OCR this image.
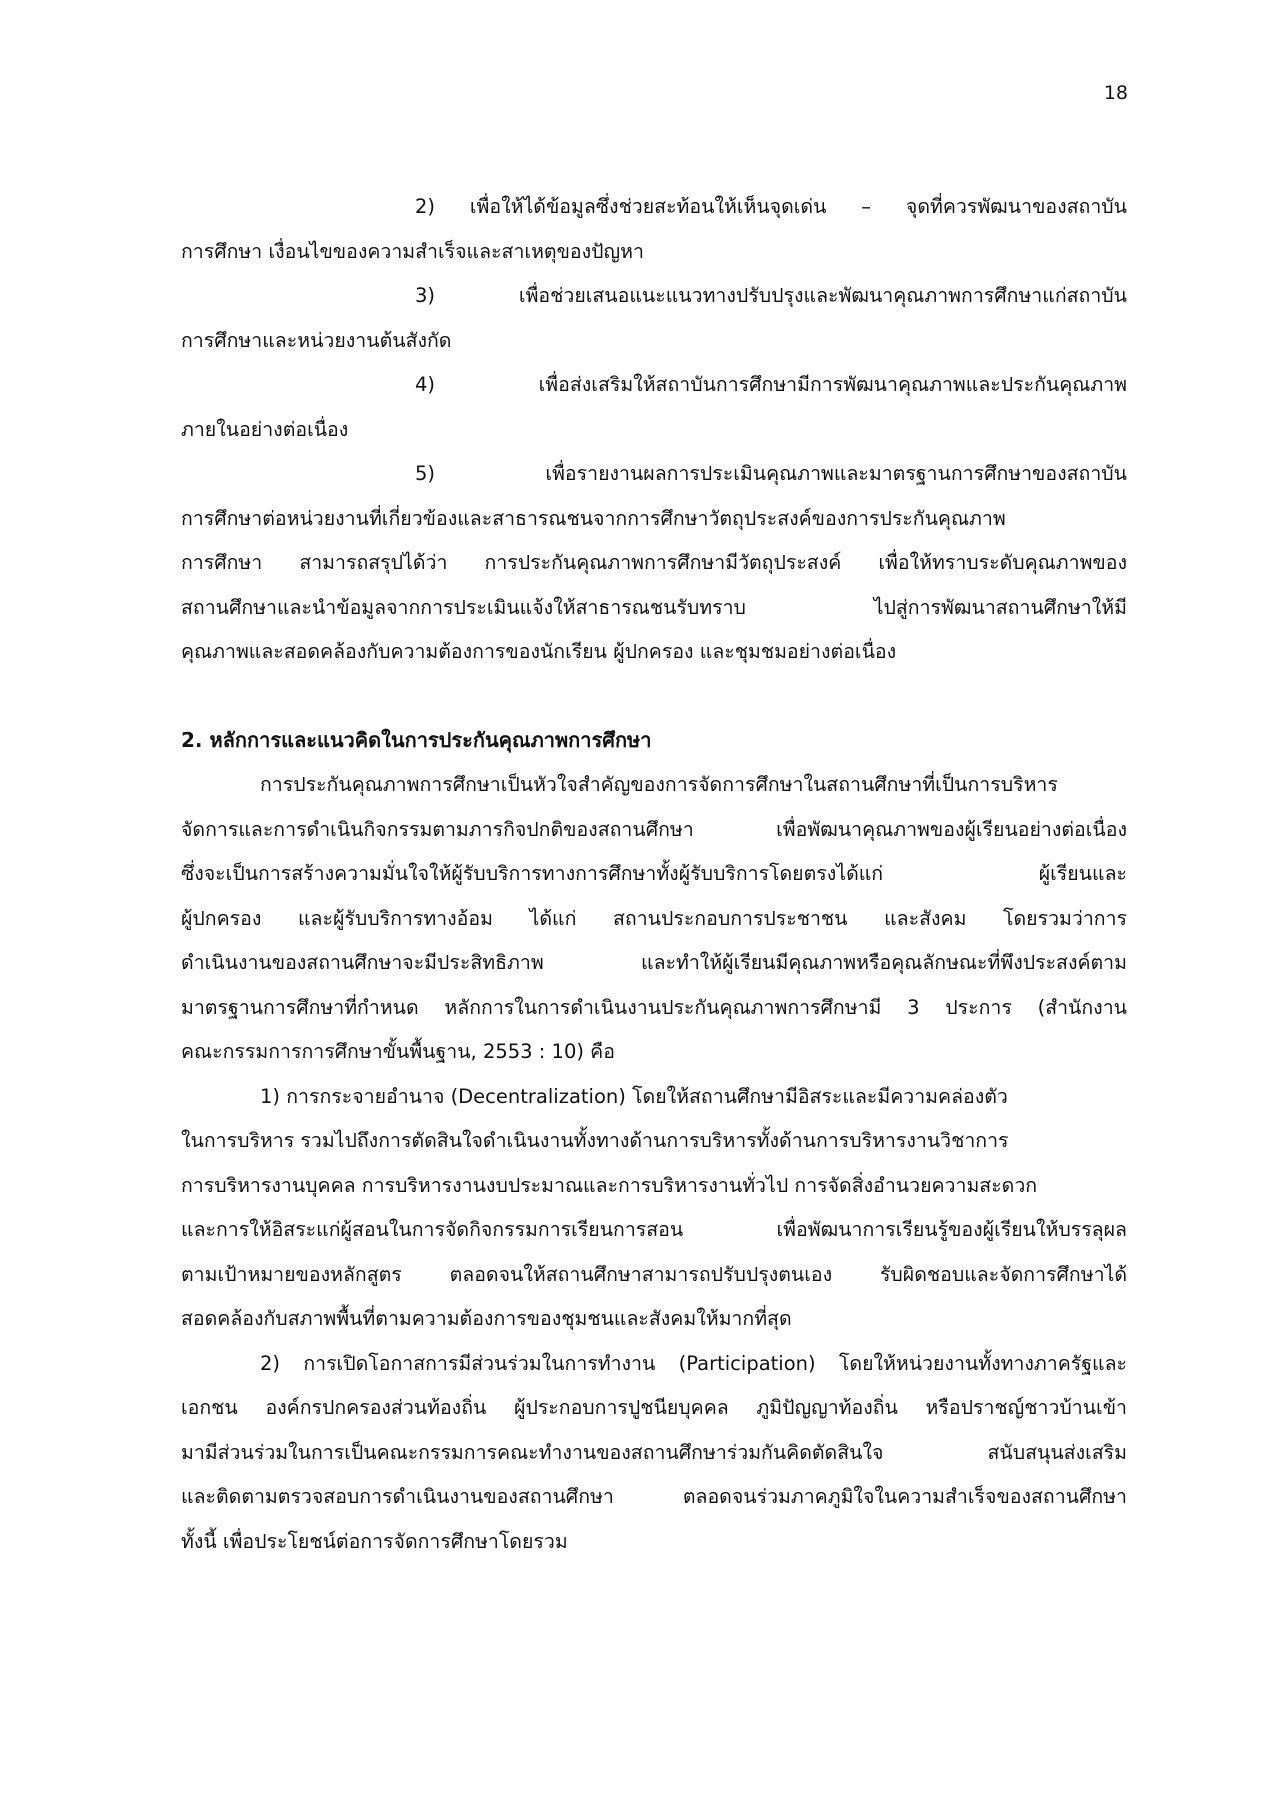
18
2) เพื่อให้ได้ข้อมูลซึ่งช่วยสะท้อนให้เห็นจุดเด่น – จุดที่ควรพัฒนาของสถาบัน
การศึกษา เงื่อนไขของความสำเร็จและสาเหตุของปัญหา
3) เพื่อช่วยเสนอแนะแนวทางปรับปรุงและพัฒนาคุณภาพการศึกษาแก่สถาบัน
การศึกษาและหน่วยงานต้นสังกัด
4) เพื่อส่งเสริมให้สถาบันการศึกษามีการพัฒนาคุณภาพและประกันคุณภาพ
ภายในอย่างต่อเนื่อง
5) เพื่อรายงานผลการประเมินคุณภาพและมาตรฐานการศึกษาของสถาบัน
การศึกษาต่อหน่วยงานที่เกี่ยวข้องและสาธารณชนจากการศึกษาวัตถุประสงค์ของการประกันคุณภาพ
การศึกษา สามารถสรุปได้ว่า การประกันคุณภาพการศึกษามีวัตถุประสงค์ เพื่อให้ทราบระดับคุณภาพของ
สถานศึกษาและนำข้อมูลจากการประเมินแจ้งให้สาธารณชนรับทราบ ไปสู่การพัฒนาสถานศึกษาให้มี
คุณภาพและสอดคล้องกับความต้องการของนักเรียน ผู้ปกครอง และชุมชมอย่างต่อเนื่อง
2. หลักการและแนวคิดในการประกันคุณภาพการศึกษา
การประกันคุณภาพการศึกษาเป็นหัวใจสำคัญของการจัดการศึกษาในสถานศึกษาที่เป็นการบริหาร
จัดการและการดำเนินกิจกรรมตามภารกิจปกติของสถานศึกษา เพื่อพัฒนาคุณภาพของผู้เรียนอย่างต่อเนื่อง
ซึ่งจะเป็นการสร้างความมั่นใจให้ผู้รับบริการทางการศึกษาทั้งผู้รับบริการโดยตรงได้แก่ ผู้เรียนและ
ผู้ปกครอง และผู้รับบริการทางอ้อม ได้แก่ สถานประกอบการประชาชน และสังคม โดยรวมว่าการ
ดำเนินงานของสถานศึกษาจะมีประสิทธิภาพ และทำให้ผู้เรียนมีคุณภาพหรือคุณลักษณะที่พึงประสงค์ตาม
มาตรฐานการศึกษาที่กำหนด หลักการในการดำเนินงานประกันคุณภาพการศึกษามี 3 ประการ (สำนักงาน
คณะกรรมการการศึกษาขั้นพื้นฐาน, 2553 : 10) คือ
1) การกระจายอำนาจ (Decentralization) โดยให้สถานศึกษามีอิสระและมีความคล่องตัว
ในการบริหาร รวมไปถึงการตัดสินใจดำเนินงานทั้งทางด้านการบริหารทั้งด้านการบริหารงานวิชาการ
การบริหารงานบุคคล การบริหารงานงบประมาณและการบริหารงานทั่วไป การจัดสิ่งอำนวยความสะดวก
และการให้อิสระแก่ผู้สอนในการจัดกิจกรรมการเรียนการสอน เพื่อพัฒนาการเรียนรู้ของผู้เรียนให้บรรลุผล
ตามเป้าหมายของหลักสูตร ตลอดจนให้สถานศึกษาสามารถปรับปรุงตนเอง รับผิดชอบและจัดการศึกษาได้
สอดคล้องกับสภาพพื้นที่ตามความต้องการของชุมชนและสังคมให้มากที่สุด
2) การเปิดโอกาสการมีส่วนร่วมในการทำงาน (Participation) โดยให้หน่วยงานทั้งทางภาครัฐและ
เอกชน องค์กรปกครองส่วนท้องถิ่น ผู้ประกอบการปูชนียบุคคล ภูมิปัญญาท้องถิ่น หรือปราชญ์ชาวบ้านเข้า
มามีส่วนร่วมในการเป็นคณะกรรมการคณะทำงานของสถานศึกษาร่วมกันคิดตัดสินใจ สนับสนุนส่งเสริม
และติดตามตรวจสอบการดำเนินงานของสถานศึกษา ตลอดจนร่วมภาคภูมิใจในความสำเร็จของสถานศึกษา
ทั้งนี้ เพื่อประโยชน์ต่อการจัดการศึกษาโดยรวม
